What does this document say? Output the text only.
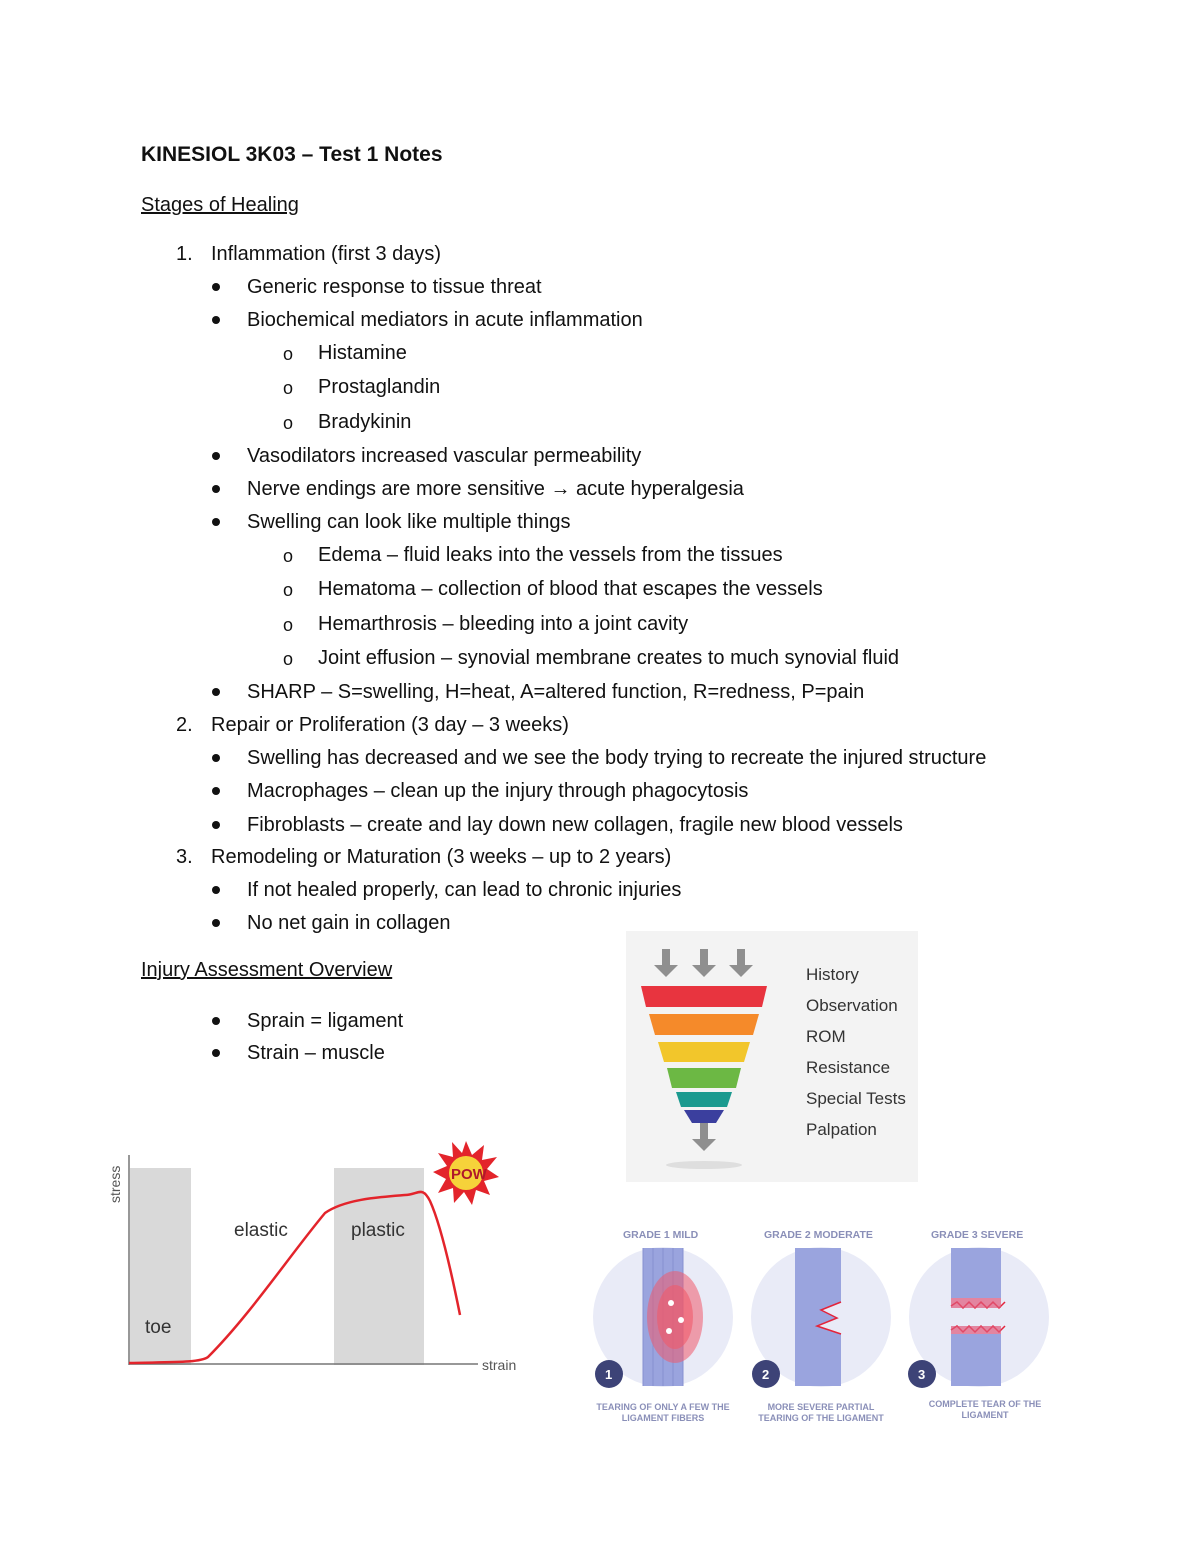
KINESIOL 3K03 – Test 1 Notes
Stages of Healing
1. Inflammation (first 3 days)
Generic response to tissue threat
Biochemical mediators in acute inflammation
o Histamine
o Prostaglandin
o Bradykinin
Vasodilators increased vascular permeability
Nerve endings are more sensitive → acute hyperalgesia
Swelling can look like multiple things
o Edema – fluid leaks into the vessels from the tissues
o Hematoma – collection of blood that escapes the vessels
o Hemarthrosis – bleeding into a joint cavity
o Joint effusion – synovial membrane creates to much synovial fluid
SHARP – S=swelling, H=heat, A=altered function, R=redness, P=pain
2. Repair or Proliferation (3 day – 3 weeks)
Swelling has decreased and we see the body trying to recreate the injured structure
Macrophages – clean up the injury through phagocytosis
Fibroblasts – create and lay down new collagen, fragile new blood vessels
3. Remodeling or Maturation (3 weeks – up to 2 years)
If not healed properly, can lead to chronic injuries
No net gain in collagen
Injury Assessment Overview
Sprain = ligament
Strain – muscle
History
Observation
ROM
Resistance
Special Tests
Palpation
toe
elastic	plastic
strain
stress	POW
GRADE 1 MILD	GRADE 2 MODERATE	GRADE 3 SEVERE
1	2	3
TEARING OF ONLY A FEW THE
LIGAMENT FIBERS
MORE SEVERE PARTIAL
TEARING OF THE LIGAMENT
COMPLETE TEAR OF THE
LIGAMENT
